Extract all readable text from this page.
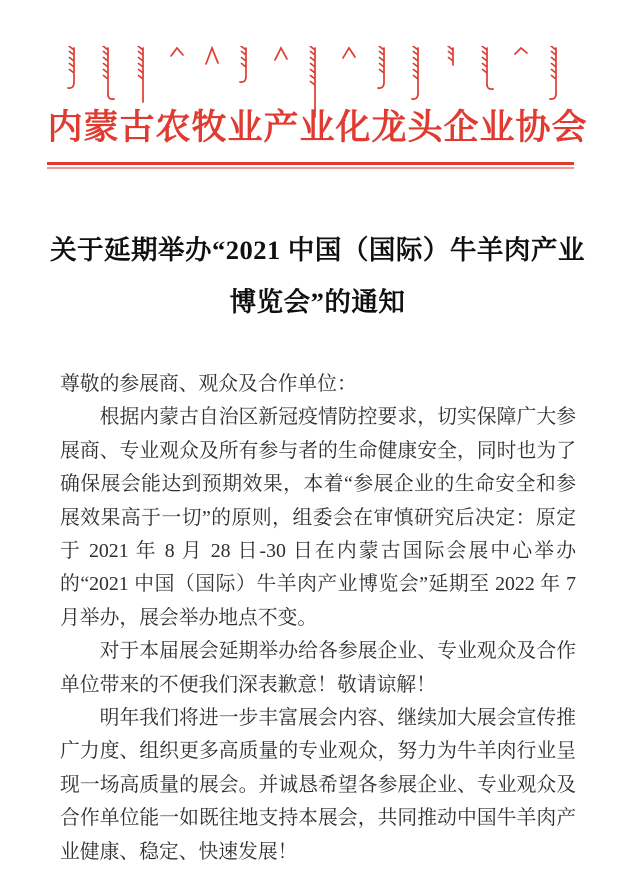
内蒙古农牧业产业化龙头企业协会
关于延期举办“2021 中国（国际）牛羊肉产业
博览会”的通知

尊敬的参展商、观众及合作单位：

根据内蒙古自治区新冠疫情防控要求，切实保障广大参展商、专业观众及所有参与者的生命健康安全，同时也为了确保展会能达到预期效果，本着“参展企业的生命安全和参展效果高于一切”的原则，组委会在审慎研究后决定：原定于 2021 年 8 月 28 日-30 日在内蒙古国际会展中心举办的“2021 中国（国际）牛羊肉产业博览会”延期至 2022 年 7 月举办，展会举办地点不变。

对于本届展会延期举办给各参展企业、专业观众及合作单位带来的不便我们深表歉意！敬请谅解！

明年我们将进一步丰富展会内容、继续加大展会宣传推广力度、组织更多高质量的专业观众，努力为牛羊肉行业呈现一场高质量的展会。并诚恳希望各参展企业、专业观众及合作单位能一如既往地支持本展会，共同推动中国牛羊肉产业健康、稳定、快速发展！
